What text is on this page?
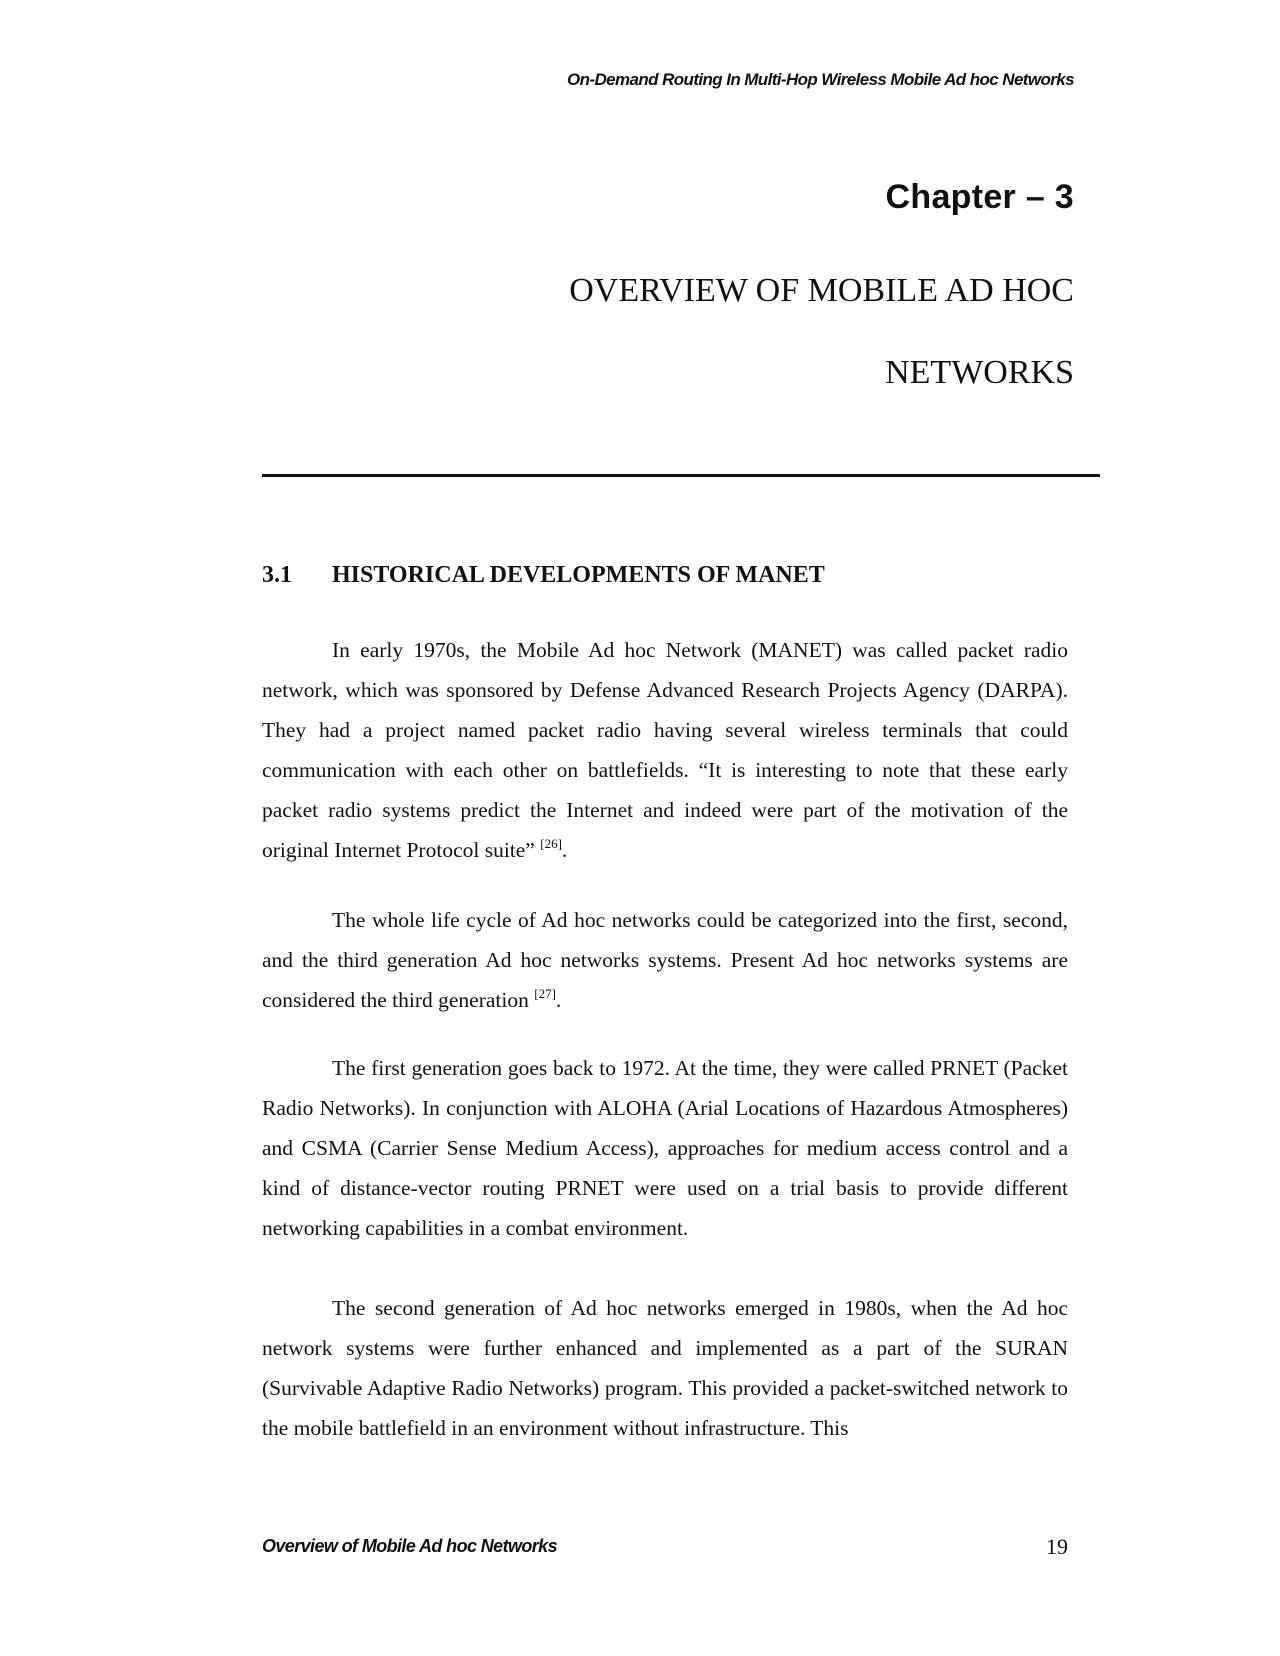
On-Demand Routing In Multi-Hop Wireless Mobile Ad hoc Networks
Chapter – 3
OVERVIEW OF MOBILE AD HOC
NETWORKS
3.1 HISTORICAL DEVELOPMENTS OF MANET

In early 1970s, the Mobile Ad hoc Network (MANET) was called packet radio network, which was sponsored by Defense Advanced Research Projects Agency (DARPA). They had a project named packet radio having several wireless terminals that could communication with each other on battlefields. “It is interesting to note that these early packet radio systems predict the Internet and indeed were part of the motivation of the original Internet Protocol suite” [26].

The whole life cycle of Ad hoc networks could be categorized into the first, second, and the third generation Ad hoc networks systems. Present Ad hoc networks systems are considered the third generation [27].

The first generation goes back to 1972. At the time, they were called PRNET (Packet Radio Networks). In conjunction with ALOHA (Arial Locations of Hazardous Atmospheres) and CSMA (Carrier Sense Medium Access), approaches for medium access control and a kind of distance-vector routing PRNET were used on a trial basis to provide different networking capabilities in a combat environment.

The second generation of Ad hoc networks emerged in 1980s, when the Ad hoc network systems were further enhanced and implemented as a part of the SURAN (Survivable Adaptive Radio Networks) program. This provided a packet-switched network to the mobile battlefield in an environment without infrastructure. This

Overview of Mobile Ad hoc Networks	19
